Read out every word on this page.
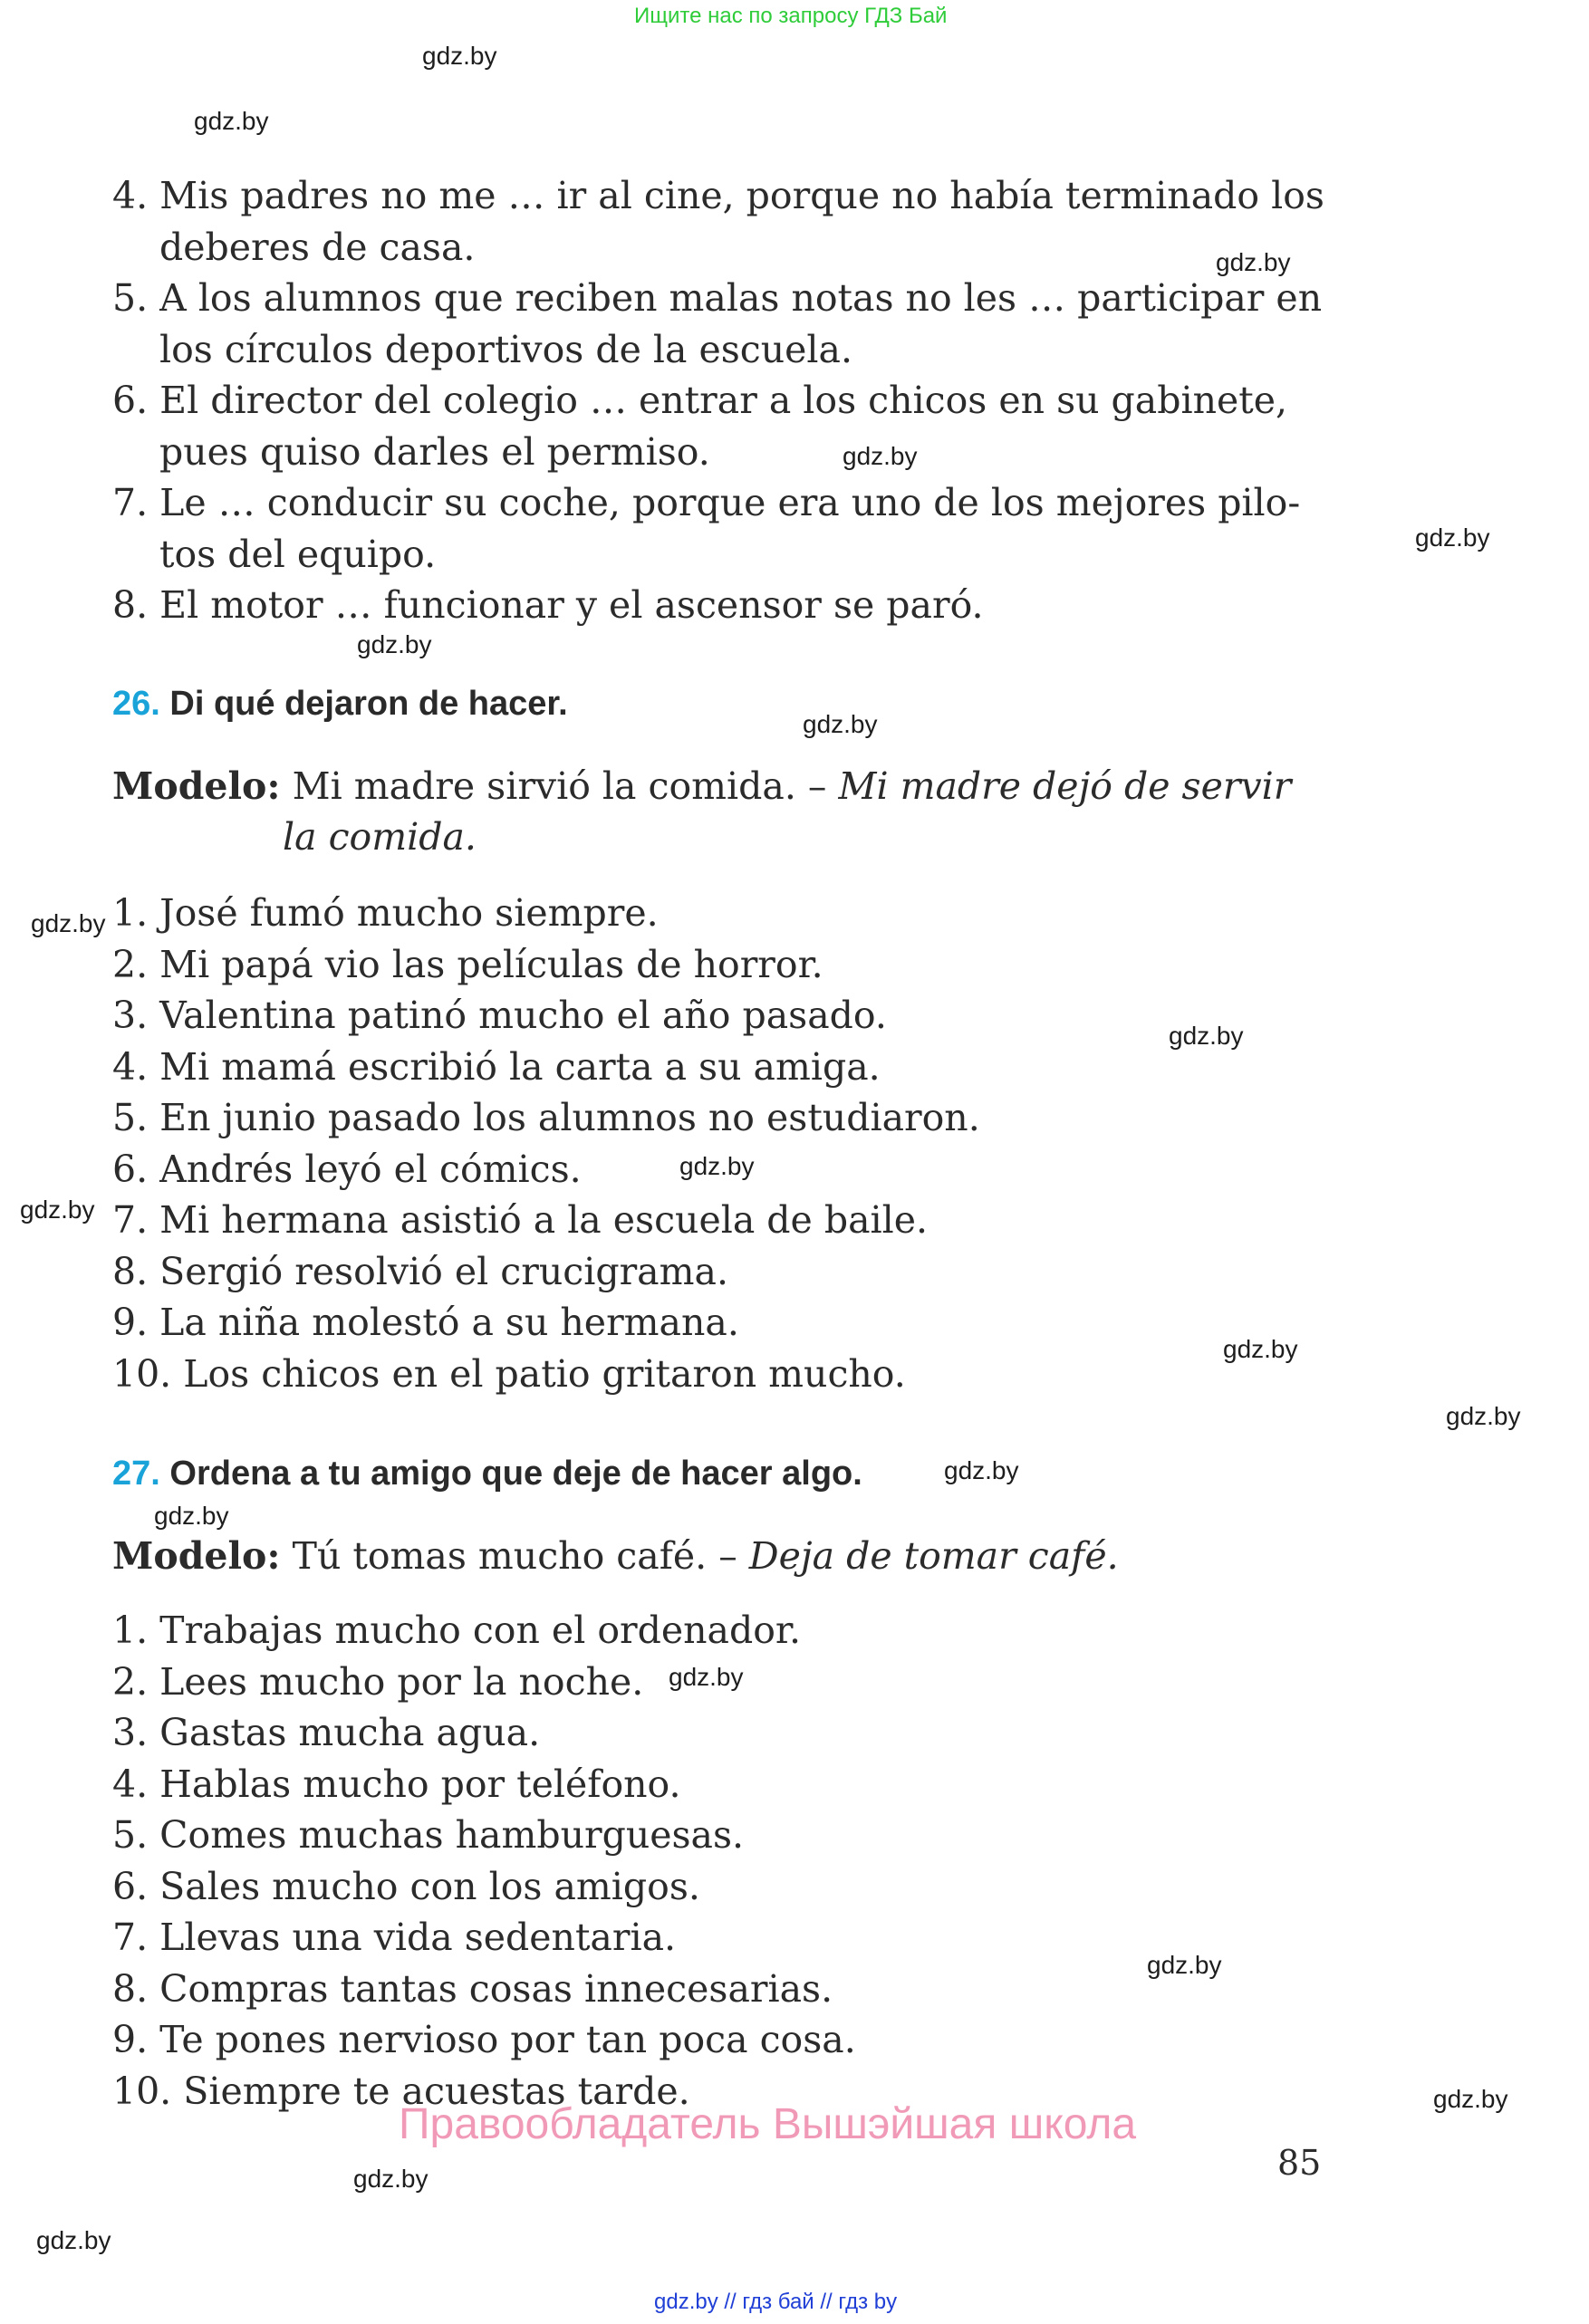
Ищите нас по запросу ГДЗ Бай
4. Mis padres no me … ir al cine, porque no había terminado los
deberes de casa.
5. A los alumnos que reciben malas notas no les … participar en
los círculos deportivos de la escuela.
6. El director del colegio … entrar a los chicos en su gabinete,
pues quiso darles el permiso.
7. Le … conducir su coche, porque era uno de los mejores pilo-
tos del equipo.
8. El motor … funcionar y el ascensor se paró.
26. Di qué dejaron de hacer.
Modelo: Mi madre sirvió la comida. – Mi madre dejó de servir
la comida.
1. José fumó mucho siempre.
2. Mi papá vio las películas de horror.
3. Valentina patinó mucho el año pasado.
4. Mi mamá escribió la carta a su amiga.
5. En junio pasado los alumnos no estudiaron.
6. Andrés leyó el cómics.
7. Mi hermana asistió a la escuela de baile.
8. Sergió resolvió el crucigrama.
9. La niña molestó a su hermana.
10. Los chicos en el patio gritaron mucho.
27. Ordena a tu amigo que deje de hacer algo.
Modelo: Tú tomas mucho café. – Deja de tomar café.
1. Trabajas mucho con el ordenador.
2. Lees mucho por la noche.
3. Gastas mucha agua.
4. Hablas mucho por teléfono.
5. Comes muchas hamburguesas.
6. Sales mucho con los amigos.
7. Llevas una vida sedentaria.
8. Compras tantas cosas innecesarias.
9. Te pones nervioso por tan poca cosa.
10. Siempre te acuestas tarde.
Правообладатель Вышэйшая школа
85
gdz.by // гдз бай // гдз by
gdz.by
gdz.by
gdz.by
gdz.by
gdz.by
gdz.by
gdz.by
gdz.by
gdz.by
gdz.by
gdz.by
gdz.by
gdz.by
gdz.by
gdz.by
gdz.by
gdz.by
gdz.by
gdz.by
gdz.by
